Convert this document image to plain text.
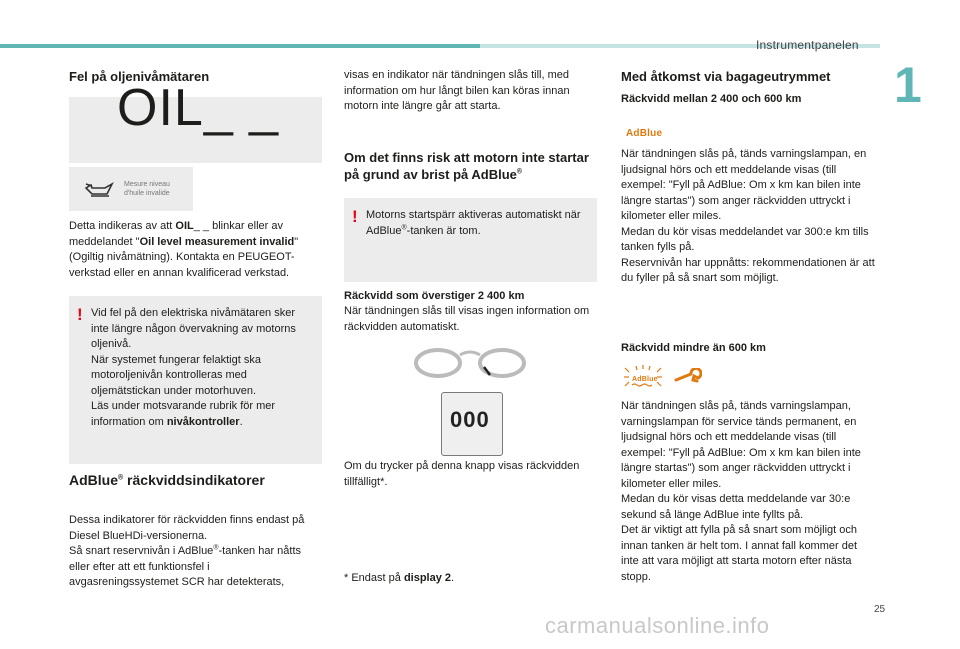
Instrumentpanelen
1
Fel på oljenivåmätaren
OIL_ _
Mesure niveau
d'huile invalide

Detta indikeras av att OIL_ _ blinkar eller av meddelandet "Oil level measurement invalid" (Ogiltig nivåmätning). Kontakta en PEUGEOT-verkstad eller en annan kvalificerad verkstad.

! Vid fel på den elektriska nivåmätaren sker inte längre någon övervakning av motorns oljenivå.

När systemet fungerar felaktigt ska motoroljenivån kontrolleras med oljemätstickan under motorhuven.

Läs under motsvarande rubrik för mer information om nivåkontroller.

AdBlue® räckviddsindikatorer

Dessa indikatorer för räckvidden finns endast på Diesel BlueHDi-versionerna.

Så snart reservnivån i AdBlue®-tanken har nåtts eller efter att ett funktionsfel i avgasreningssystemet SCR har detekterats,

visas en indikator när tändningen slås till, med information om hur långt bilen kan köras innan motorn inte längre går att starta.

Om det finns risk att motorn inte startar på grund av brist på AdBlue®
! Motorns startspärr aktiveras automatiskt när AdBlue®-tanken är tom.

Räckvidd som överstiger 2 400 km

När tändningen slås till visas ingen information om räckvidden automatiskt.

000

Om du trycker på denna knapp visas räckvidden tillfälligt*.

* Endast på display 2.

Med åtkomst via bagageutrymmet
Räckvidd mellan 2 400 och 600 km
AdBlue

När tändningen slås på, tänds varningslampan, en ljudsignal hörs och ett meddelande visas (till exempel: "Fyll på AdBlue: Om x km kan bilen inte längre startas") som anger räckvidden uttryckt i kilometer eller miles.

Medan du kör visas meddelandet var 300:e km tills tanken fylls på.

Reservnivån har uppnåtts: rekommendationen är att du fyller på så snart som möjligt.

Räckvidd mindre än 600 km
AdBlue

När tändningen slås på, tänds varningslampan, varningslampan för service tänds permanent, en ljudsignal hörs och ett meddelande visas (till exempel: "Fyll på AdBlue: Om x km kan bilen inte längre startas") som anger räckvidden uttryckt i kilometer eller miles.

Medan du kör visas detta meddelande var 30:e sekund så länge AdBlue inte fyllts på.

Det är viktigt att fylla på så snart som möjligt och innan tanken är helt tom. I annat fall kommer det inte att vara möjligt att starta motorn efter nästa stopp.

25
carmanualsonline.info
